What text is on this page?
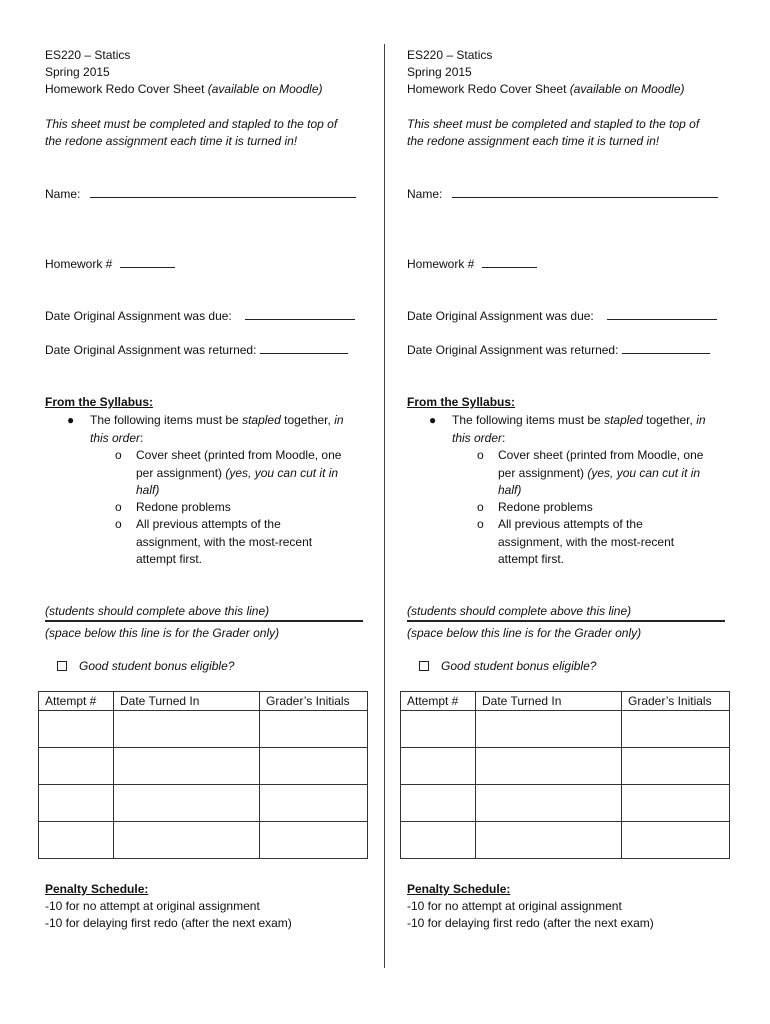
ES220 – Statics
Spring 2015
Homework Redo Cover Sheet (available on Moodle)
This sheet must be completed and stapled to the top of
the redone assignment each time it is turned in!
Name:
Homework #
Date Original Assignment was due:
Date Original Assignment was returned:
From the Syllabus:
● The following items must be stapled together, in this order:
o Cover sheet (printed from Moodle, one per assignment) (yes, you can cut it in half)
o Redone problems
o All previous attempts of the assignment, with the most-recent attempt first.
(students should complete above this line)
(space below this line is for the Grader only)
Good student bonus eligible?
Attempt #	Date Turned In	Grader’s Initials

Penalty Schedule:
-10 for no attempt at original assignment
-10 for delaying first redo (after the next exam)
ES220 – Statics
Spring 2015
Homework Redo Cover Sheet (available on Moodle)
This sheet must be completed and stapled to the top of
the redone assignment each time it is turned in!
Name:
Homework #
Date Original Assignment was due:
Date Original Assignment was returned:
From the Syllabus:
● The following items must be stapled together, in this order:
o Cover sheet (printed from Moodle, one per assignment) (yes, you can cut it in half)
o Redone problems
o All previous attempts of the assignment, with the most-recent attempt first.
(students should complete above this line)
(space below this line is for the Grader only)
Good student bonus eligible?
Attempt #	Date Turned In	Grader’s Initials

Penalty Schedule:
-10 for no attempt at original assignment
-10 for delaying first redo (after the next exam)
